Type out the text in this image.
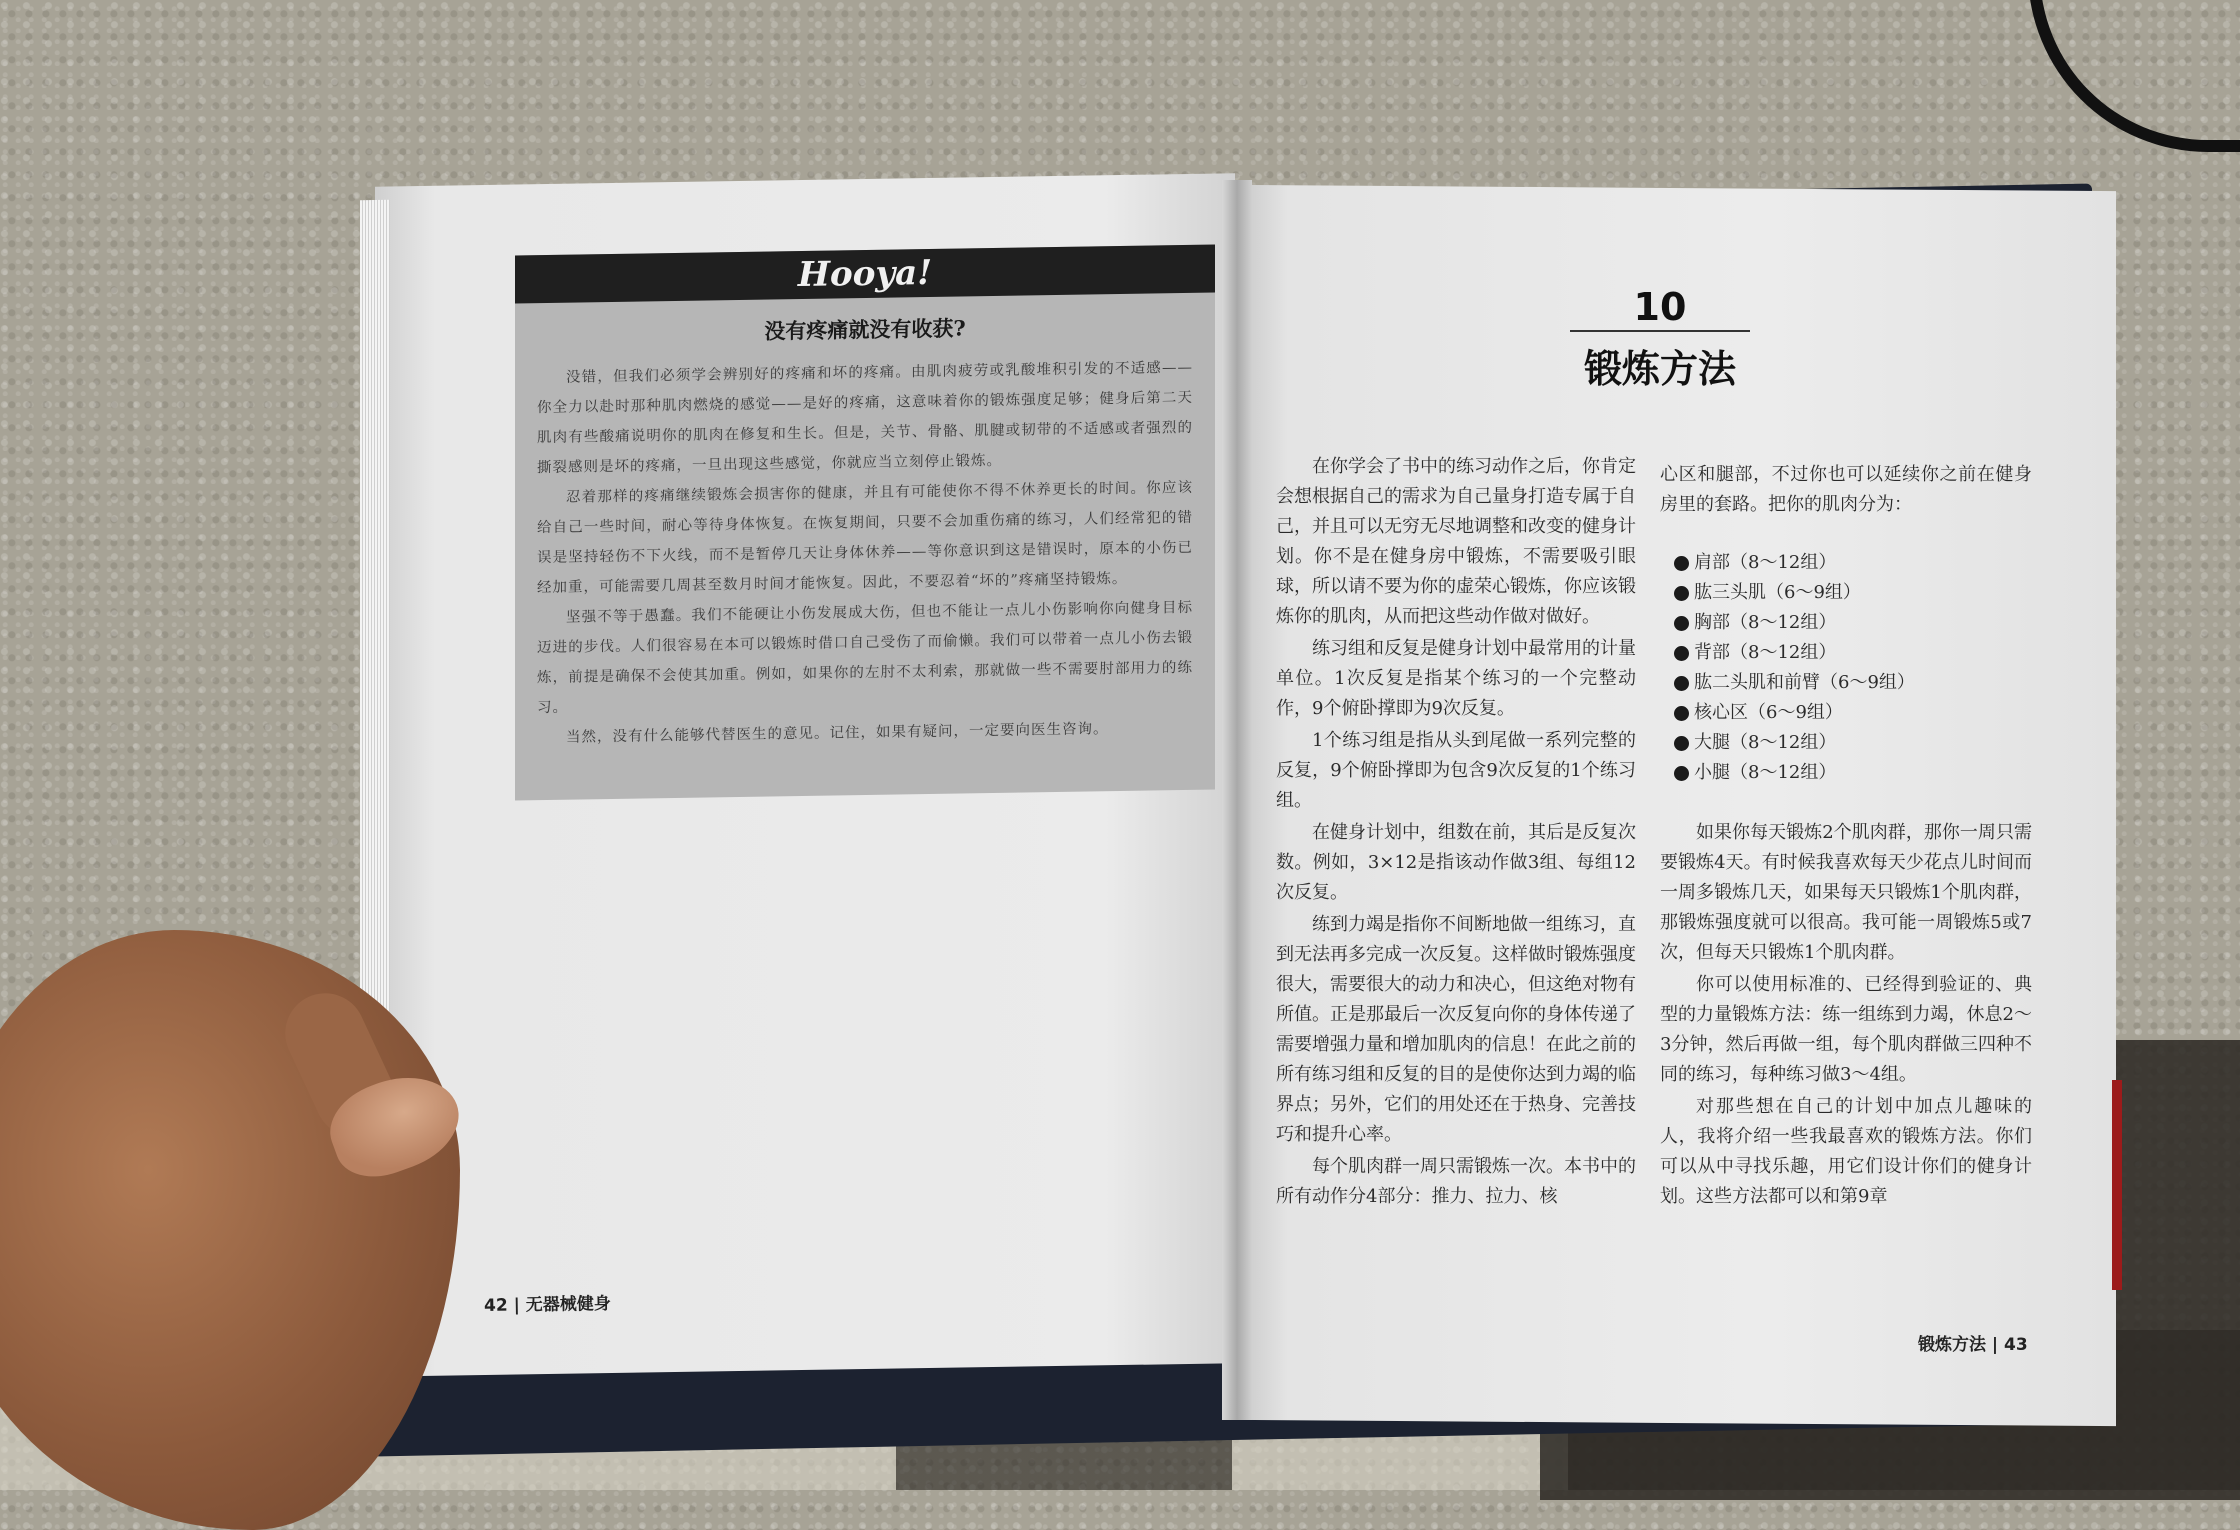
Hooya!
没有疼痛就没有收获?

没错，但我们必须学会辨别好的疼痛和坏的疼痛。由肌肉疲劳或乳酸堆积引发的不适感——你全力以赴时那种肌肉燃烧的感觉——是好的疼痛，这意味着你的锻炼强度足够；健身后第二天肌肉有些酸痛说明你的肌肉在修复和生长。但是，关节、骨骼、肌腱或韧带的不适感或者强烈的撕裂感则是坏的疼痛，一旦出现这些感觉，你就应当立刻停止锻炼。

忍着那样的疼痛继续锻炼会损害你的健康，并且有可能使你不得不休养更长的时间。你应该给自己一些时间，耐心等待身体恢复。在恢复期间，只要不会加重伤痛的练习，人们经常犯的错误是坚持轻伤不下火线，而不是暂停几天让身体休养——等你意识到这是错误时，原本的小伤已经加重，可能需要几周甚至数月时间才能恢复。因此，不要忍着“坏的”疼痛坚持锻炼。

坚强不等于愚蠢。我们不能硬让小伤发展成大伤，但也不能让一点儿小伤影响你向健身目标迈进的步伐。人们很容易在本可以锻炼时借口自己受伤了而偷懒。我们可以带着一点儿小伤去锻炼，前提是确保不会使其加重。例如，如果你的左肘不太利索，那就做一些不需要肘部用力的练习。

当然，没有什么能够代替医生的意见。记住，如果有疑问，一定要向医生咨询。

42 | 无器械健身
10
锻炼方法

在你学会了书中的练习动作之后，你肯定会想根据自己的需求为自己量身打造专属于自己，并且可以无穷无尽地调整和改变的健身计划。你不是在健身房中锻炼，不需要吸引眼球，所以请不要为你的虚荣心锻炼，你应该锻炼你的肌肉，从而把这些动作做对做好。

练习组和反复是健身计划中最常用的计量单位。1次反复是指某个练习的一个完整动作，9个俯卧撑即为9次反复。

1个练习组是指从头到尾做一系列完整的反复，9个俯卧撑即为包含9次反复的1个练习组。

在健身计划中，组数在前，其后是反复次数。例如，3×12是指该动作做3组、每组12次反复。

练到力竭是指你不间断地做一组练习，直到无法再多完成一次反复。这样做时锻炼强度很大，需要很大的动力和决心，但这绝对物有所值。正是那最后一次反复向你的身体传递了需要增强力量和增加肌肉的信息！在此之前的所有练习组和反复的目的是使你达到力竭的临界点；另外，它们的用处还在于热身、完善技巧和提升心率。

每个肌肉群一周只需锻炼一次。本书中的所有动作分4部分：推力、拉力、核

心区和腿部，不过你也可以延续你之前在健身房里的套路。把你的肌肉分为：

肩部（8～12组）
肱三头肌（6～9组）
胸部（8～12组）
背部（8～12组）
肱二头肌和前臂（6～9组）
核心区（6～9组）
大腿（8～12组）
小腿（8～12组）

如果你每天锻炼2个肌肉群，那你一周只需要锻炼4天。有时候我喜欢每天少花点儿时间而一周多锻炼几天，如果每天只锻炼1个肌肉群，那锻炼强度就可以很高。我可能一周锻炼5或7次，但每天只锻炼1个肌肉群。

你可以使用标准的、已经得到验证的、典型的力量锻炼方法：练一组练到力竭，休息2～3分钟，然后再做一组，每个肌肉群做三四种不同的练习，每种练习做3～4组。

对那些想在自己的计划中加点儿趣味的人，我将介绍一些我最喜欢的锻炼方法。你们可以从中寻找乐趣，用它们设计你们的健身计划。这些方法都可以和第9章

锻炼方法 | 43
